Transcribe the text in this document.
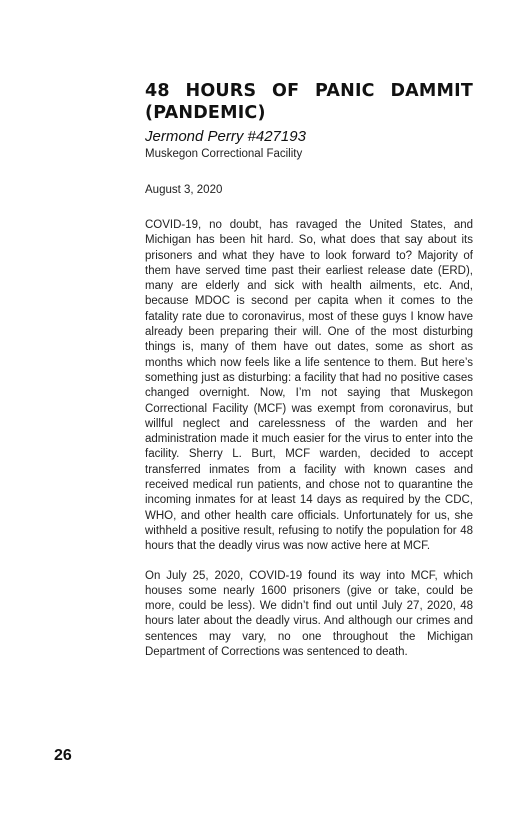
48 HOURS OF PANIC DAMMIT (PANDEMIC)
Jermond Perry #427193
Muskegon Correctional Facility
August 3, 2020

COVID-19, no doubt, has ravaged the United States, and Michigan has been hit hard. So, what does that say about its prisoners and what they have to look forward to? Majority of them have served time past their earliest release date (ERD), many are elderly and sick with health ailments, etc. And, because MDOC is second per capita when it comes to the fatality rate due to coronavirus, most of these guys I know have already been preparing their will. One of the most disturbing things is, many of them have out dates, some as short as months which now feels like a life sentence to them. But here’s something just as disturbing: a facility that had no positive cases changed overnight. Now, I’m not saying that Muskegon Correctional Facility (MCF) was exempt from coronavirus, but willful neglect and carelessness of the warden and her administration made it much easier for the virus to enter into the facility. Sherry L. Burt, MCF warden, decided to accept transferred inmates from a facility with known cases and received medical run patients, and chose not to quarantine the incoming inmates for at least 14 days as required by the CDC, WHO, and other health care officials. Unfortunately for us, she withheld a positive result, refusing to notify the population for 48 hours that the deadly virus was now active here at MCF.

On July 25, 2020, COVID-19 found its way into MCF, which houses some nearly 1600 prisoners (give or take, could be more, could be less). We didn’t find out until July 27, 2020, 48 hours later about the deadly virus. And although our crimes and sentences may vary, no one throughout the Michigan Department of Corrections was sentenced to death.

26
